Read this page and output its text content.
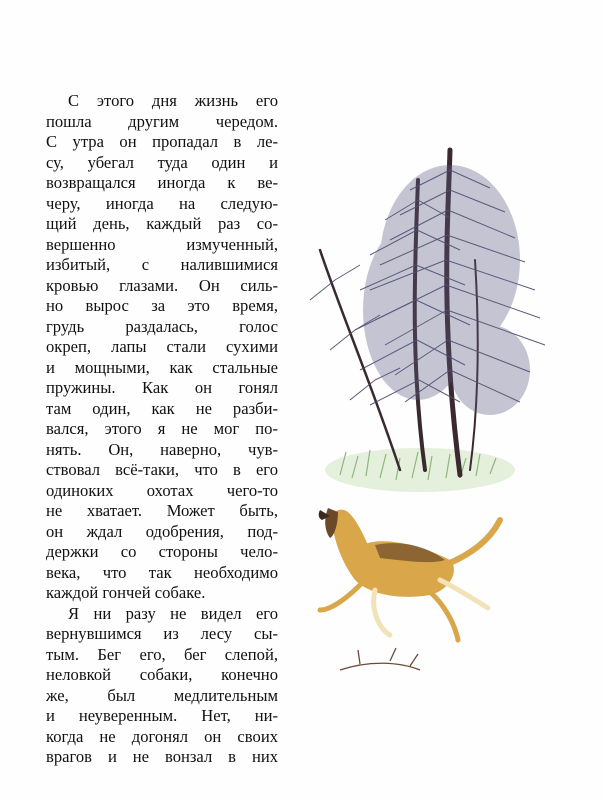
С этого дня жизнь его
пошла другим чередом.
С утра он пропадал в ле-
су, убегал туда один и
возвращался иногда к ве-
черу, иногда на следую-
щий день, каждый раз со-
вершенно измученный,
избитый, с налившимися
кровью глазами. Он силь-
но вырос за это время,
грудь раздалась, голос
окреп, лапы стали сухими
и мощными, как стальные
пружины. Как он гонял
там один, как не разби-
вался, этого я не мог по-
нять. Он, наверно, чув-
ствовал всё-таки, что в его
одиноких охотах чего-то
не хватает. Может быть,
он ждал одобрения, под-
держки со стороны чело-
века, что так необходимо
каждой гончей собаке.
Я ни разу не видел его
вернувшимся из лесу сы-
тым. Бег его, бег слепой,
неловкой собаки, конечно
же, был медлительным
и неуверенным. Нет, ни-
когда не догонял он своих
врагов и не вонзал в них
